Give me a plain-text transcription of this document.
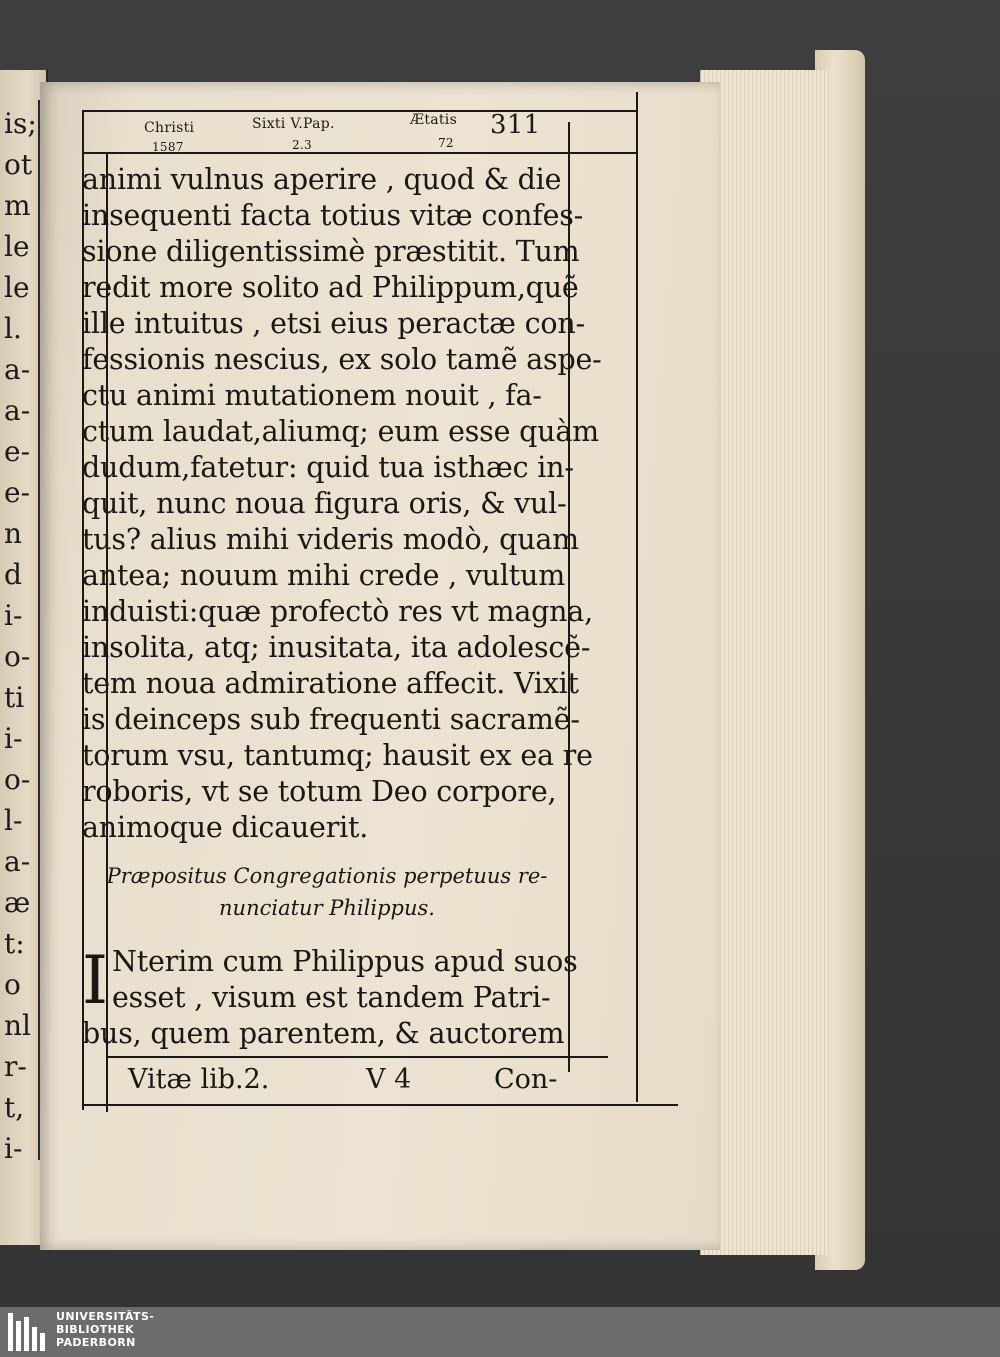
is;
ot
m
le
le
l.
a-
a-
e-
e-
n
d
i-
o-
ti
i-
o-
l-
a-
æ
t:
o
nl
r-
t,
i-
Christi
1587
Sixti V.Pap.
2.3
Ætatis
72
311
animi vulnus aperire , quod & die
insequenti facta totius vitæ confes-
sione diligentissimè præstitit. Tum
redit more solito ad Philippum,quẽ
ille intuitus , etsi eius peractæ con-
fessionis nescius, ex solo tamẽ aspe-
ctu animi mutationem nouit , fa-
ctum laudat,aliumq; eum esse quàm
dudum,fatetur: quid tua isthæc in-
quit, nunc noua figura oris, & vul-
tus? alius mihi videris modò, quam
antea; nouum mihi crede , vultum
induisti:quæ profectò res vt magna,
insolita, atq; inusitata, ita adolescẽ-
tem noua admiratione affecit. Vixit
is deinceps sub frequenti sacramẽ-
torum vsu, tantumq; hausit ex ea re
roboris, vt se totum Deo corpore,
animoque dicauerit.
Præpositus Congregationis perpetuus re-
nunciatur Philippus.
I Nterim cum Philippus apud suos
esset , visum est tandem Patri-
bus, quem parentem, & auctorem
Vitæ lib.2.	V 4	Con-
UNIVERSITÄTS-
BIBLIOTHEK
PADERBORN
